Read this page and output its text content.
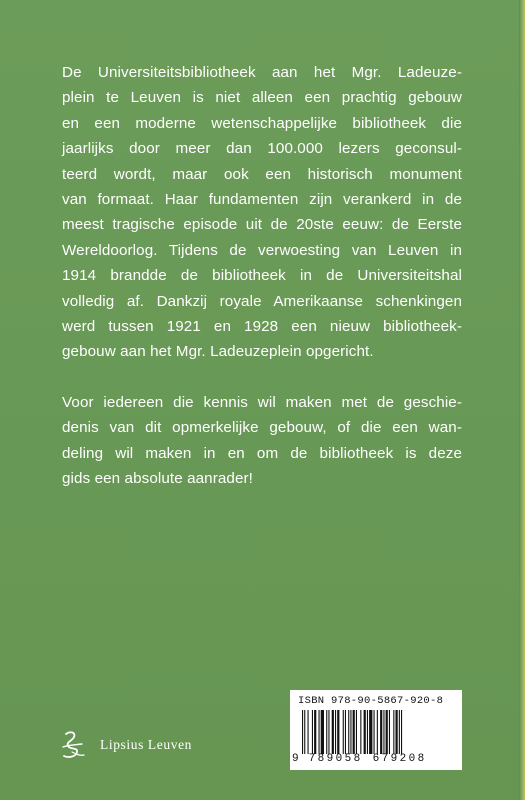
De Universiteitsbibliotheek aan het Mgr. Ladeuze-
plein te Leuven is niet alleen een prachtig gebouw
en een moderne wetenschappelijke bibliotheek die
jaarlijks door meer dan 100.000 lezers geconsul-
teerd wordt, maar ook een historisch monument
van formaat. Haar fundamenten zijn verankerd in de
meest tragische episode uit de 20ste eeuw: de Eerste
Wereldoorlog. Tijdens de verwoesting van Leuven in
1914 brandde de bibliotheek in de Universiteitshal
volledig af. Dankzij royale Amerikaanse schenkingen
werd tussen 1921 en 1928 een nieuw bibliotheek-
gebouw aan het Mgr. Ladeuzeplein opgericht.
Voor iedereen die kennis wil maken met de geschie-
denis van dit opmerkelijke gebouw, of die een wan-
deling wil maken in en om de bibliotheek is deze
gids een absolute aanrader!
Lipsius Leuven
ISBN 978-90-5867-920-8
9 789058 679208
